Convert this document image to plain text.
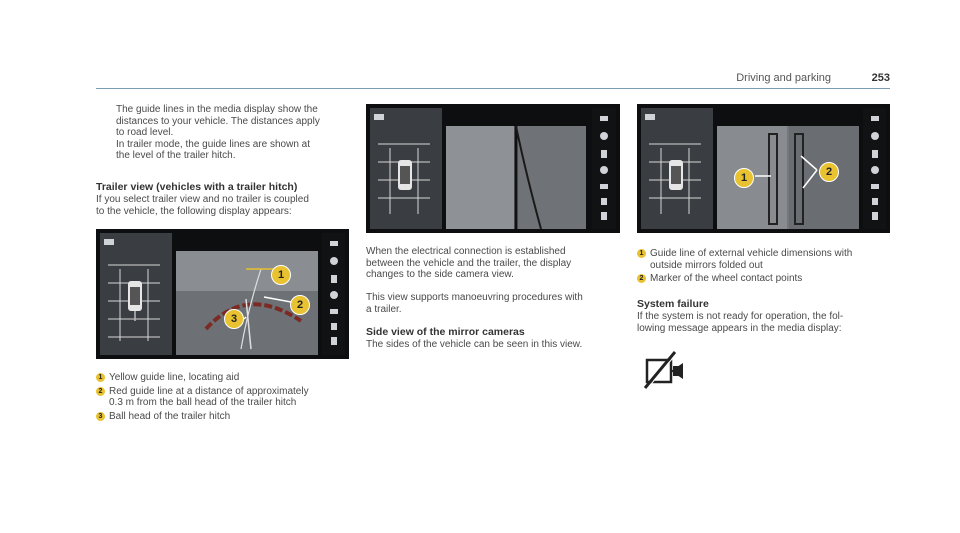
Driving and parking	253

The guide lines in the media display show the
distances to your vehicle. The distances apply
to road level.
In trailer mode, the guide lines are shown at
the level of the trailer hitch.

Trailer view (vehicles with a trailer hitch)

If you select trailer view and no trailer is coupled
to the vehicle, the following display appears:

1
2
3
1 Yellow guide line, locating aid
2 Red guide line at a distance of approximately
0.3 m from the ball head of the trailer hitch
3 Ball head of the trailer hitch

When the electrical connection is established
between the vehicle and the trailer, the display
changes to the side camera view.

This view supports manoeuvring procedures with
a trailer.

Side view of the mirror cameras

The sides of the vehicle can be seen in this view.

1	2
1 Guide line of external vehicle dimensions with
outside mirrors folded out
2 Marker of the wheel contact points

System failure

If the system is not ready for operation, the fol-
lowing message appears in the media display:
